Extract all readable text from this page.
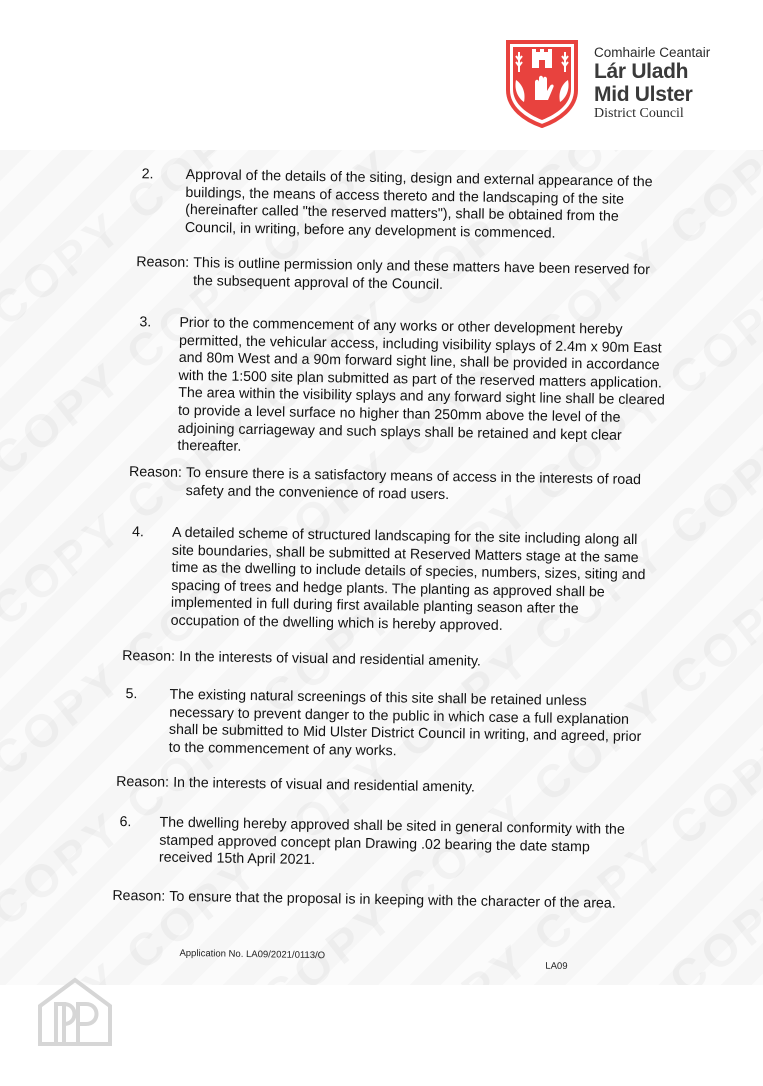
Comhairle Ceantair
Lár Uladh
Mid Ulster
District Council
2. Approval of the details of the siting, design and external appearance of the buildings, the means of access thereto and the landscaping of the site (hereinafter called "the reserved matters"), shall be obtained from the Council, in writing, before any development is commenced.
Reason: This is outline permission only and these matters have been reserved for the subsequent approval of the Council.
3. Prior to the commencement of any works or other development hereby permitted, the vehicular access, including visibility splays of 2.4m x 90m East and 80m West and a 90m forward sight line, shall be provided in accordance with the 1:500 site plan submitted as part of the reserved matters application. The area within the visibility splays and any forward sight line shall be cleared to provide a level surface no higher than 250mm above the level of the adjoining carriageway and such splays shall be retained and kept clear thereafter.
Reason: To ensure there is a satisfactory means of access in the interests of road safety and the convenience of road users.
4. A detailed scheme of structured landscaping for the site including along all site boundaries, shall be submitted at Reserved Matters stage at the same time as the dwelling to include details of species, numbers, sizes, siting and spacing of trees and hedge plants. The planting as approved shall be implemented in full during first available planting season after the occupation of the dwelling which is hereby approved.
Reason: In the interests of visual and residential amenity.
5. The existing natural screenings of this site shall be retained unless necessary to prevent danger to the public in which case a full explanation shall be submitted to Mid Ulster District Council in writing, and agreed, prior to the commencement of any works.
Reason: In the interests of visual and residential amenity.
6. The dwelling hereby approved shall be sited in general conformity with the stamped approved concept plan Drawing .02 bearing the date stamp received 15th April 2021.
Reason: To ensure that the proposal is in keeping with the character of the area.
Application No. LA09/2021/0113/O
LA09
